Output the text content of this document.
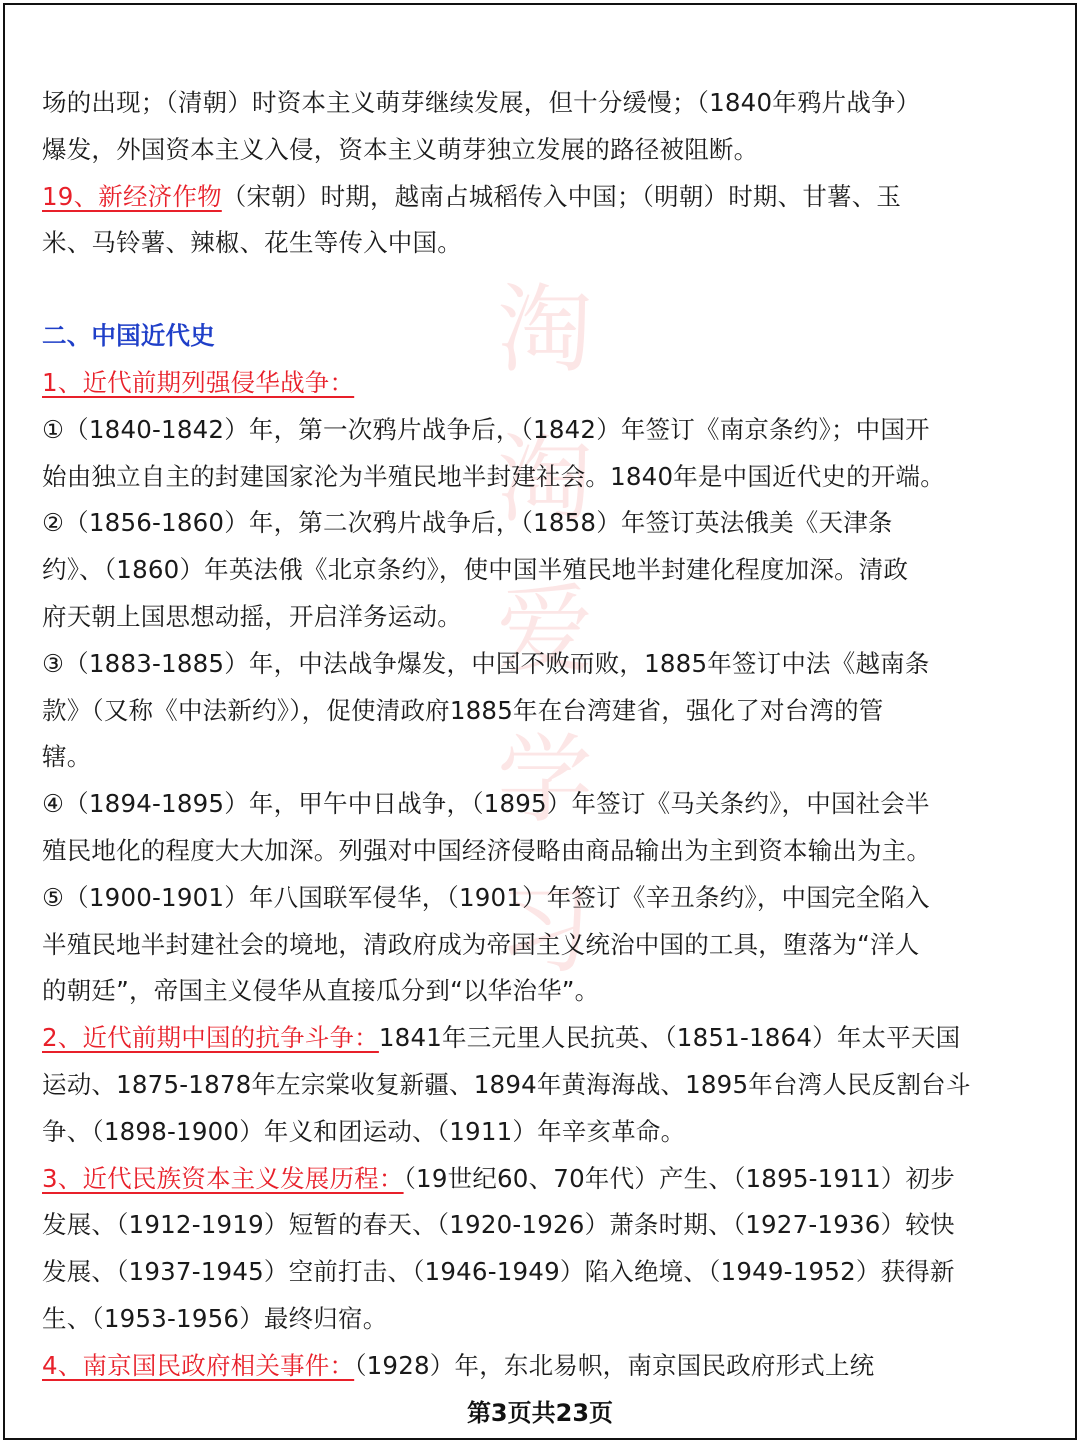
淘
淘
爱
学
习
场的出现；（清朝）时资本主义萌芽继续发展，但十分缓慢；（1840年鸦片战争）
爆发，外国资本主义入侵，资本主义萌芽独立发展的路径被阻断。
19、新经济作物（宋朝）时期，越南占城稻传入中国；（明朝）时期、甘薯、玉
米、马铃薯、辣椒、花生等传入中国。
二、中国近代史
1、近代前期列强侵华战争：
①（1840-1842）年，第一次鸦片战争后，（1842）年签订《南京条约》；中国开
始由独立自主的封建国家沦为半殖民地半封建社会。1840年是中国近代史的开端。
②（1856-1860）年，第二次鸦片战争后，（1858）年签订英法俄美《天津条
约》、（1860）年英法俄《北京条约》，使中国半殖民地半封建化程度加深。清政
府天朝上国思想动摇，开启洋务运动。
③（1883-1885）年，中法战争爆发，中国不败而败，1885年签订中法《越南条
款》（又称《中法新约》），促使清政府1885年在台湾建省，强化了对台湾的管
辖。
④（1894-1895）年，甲午中日战争，（1895）年签订《马关条约》，中国社会半
殖民地化的程度大大加深。列强对中国经济侵略由商品输出为主到资本输出为主。
⑤（1900-1901）年八国联军侵华，（1901）年签订《辛丑条约》，中国完全陷入
半殖民地半封建社会的境地，清政府成为帝国主义统治中国的工具，堕落为“洋人
的朝廷”，帝国主义侵华从直接瓜分到“以华治华”。
2、近代前期中国的抗争斗争：1841年三元里人民抗英、（1851-1864）年太平天国
运动、1875-1878年左宗棠收复新疆、1894年黄海海战、1895年台湾人民反割台斗
争、（1898-1900）年义和团运动、（1911）年辛亥革命。
3、近代民族资本主义发展历程：（19世纪60、70年代）产生、（1895-1911）初步
发展、（1912-1919）短暂的春天、（1920-1926）萧条时期、（1927-1936）较快
发展、（1937-1945）空前打击、（1946-1949）陷入绝境、（1949-1952）获得新
生、（1953-1956）最终归宿。
4、南京国民政府相关事件：（1928）年，东北易帜，南京国民政府形式上统
第3页共23页
